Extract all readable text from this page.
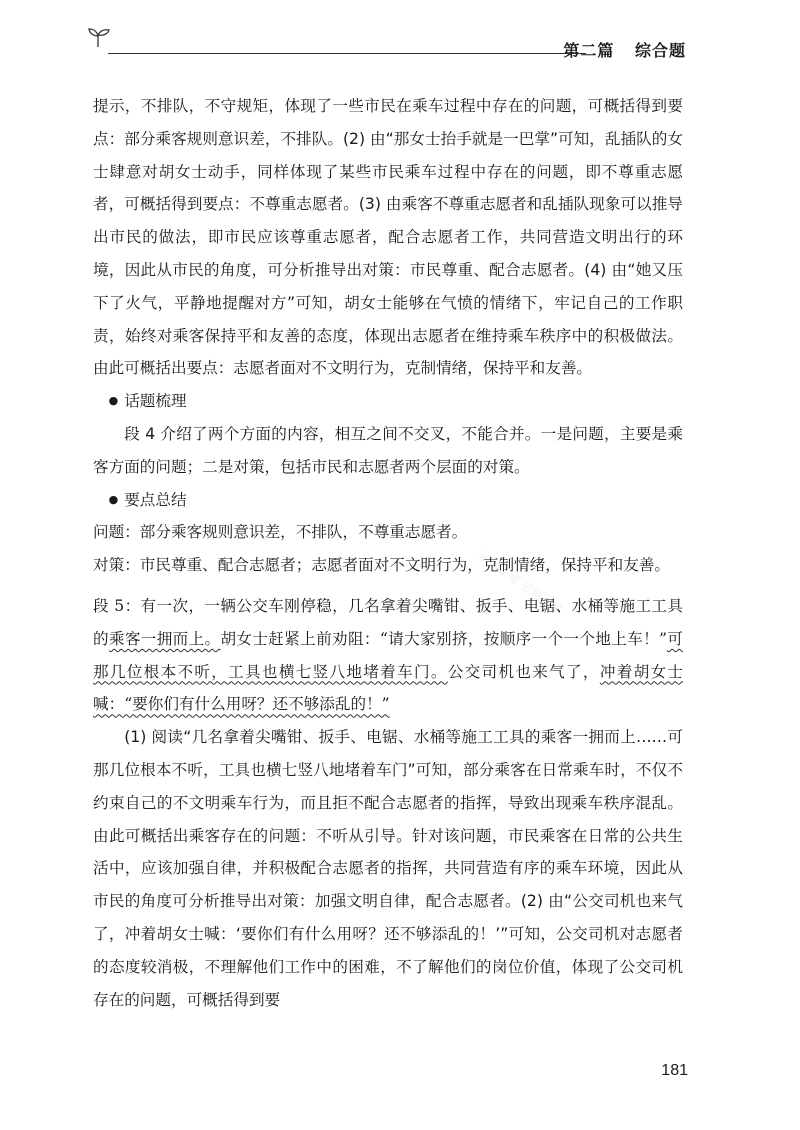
第二篇 综合题
东方标准 内部资料

提示，不排队，不守规矩，体现了一些市民在乘车过程中存在的问题，可概括得到要点：部分乘客规则意识差，不排队。(2) 由“那女士抬手就是一巴掌”可知，乱插队的女士肆意对胡女士动手，同样体现了某些市民乘车过程中存在的问题，即不尊重志愿者，可概括得到要点：不尊重志愿者。(3) 由乘客不尊重志愿者和乱插队现象可以推导出市民的做法，即市民应该尊重志愿者，配合志愿者工作，共同营造文明出行的环境，因此从市民的角度，可分析推导出对策：市民尊重、配合志愿者。(4) 由“她又压下了火气，平静地提醒对方”可知，胡女士能够在气愤的情绪下，牢记自己的工作职责，始终对乘客保持平和友善的态度，体现出志愿者在维持乘车秩序中的积极做法。由此可概括出要点：志愿者面对不文明行为，克制情绪，保持平和友善。

● 话题梳理

段 4 介绍了两个方面的内容，相互之间不交叉，不能合并。一是问题，主要是乘客方面的问题；二是对策，包括市民和志愿者两个层面的对策。

● 要点总结

问题：部分乘客规则意识差，不排队，不尊重志愿者。

对策：市民尊重、配合志愿者；志愿者面对不文明行为，克制情绪，保持平和友善。

段 5：有一次，一辆公交车刚停稳，几名拿着尖嘴钳、扳手、电锯、水桶等施工工具的乘客一拥而上。胡女士赶紧上前劝阻：“请大家别挤，按顺序一个一个地上车！”可那几位根本不听，工具也横七竖八地堵着车门。公交司机也来气了，冲着胡女士喊：“要你们有什么用呀？还不够添乱的！”

(1) 阅读“几名拿着尖嘴钳、扳手、电锯、水桶等施工工具的乘客一拥而上……可那几位根本不听，工具也横七竖八地堵着车门”可知，部分乘客在日常乘车时，不仅不约束自己的不文明乘车行为，而且拒不配合志愿者的指挥，导致出现乘车秩序混乱。由此可概括出乘客存在的问题：不听从引导。针对该问题，市民乘客在日常的公共生活中，应该加强自律，并积极配合志愿者的指挥，共同营造有序的乘车环境，因此从市民的角度可分析推导出对策：加强文明自律，配合志愿者。(2) 由“公交司机也来气了，冲着胡女士喊：‘要你们有什么用呀？还不够添乱的！’”可知，公交司机对志愿者的态度较消极，不理解他们工作中的困难，不了解他们的岗位价值，体现了公交司机存在的问题，可概括得到要

181
